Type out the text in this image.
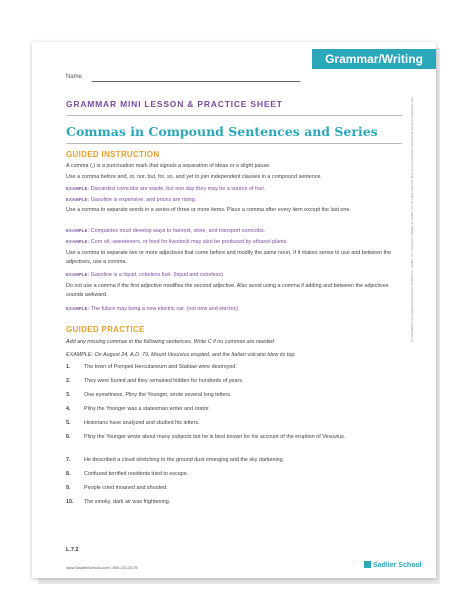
Grammar/Writing
Name
GRAMMAR MINI LESSON & PRACTICE SHEET
Commas in Compound Sentences and Series
GUIDED INSTRUCTION
A comma (,) is a punctuation mark that signals a separation of ideas or a slight pause.
Use a comma before and, or, nor, but, for, so, and yet to join independent clauses in a compound sentence.
EXAMPLE: Discarded corncobs are waste, but one day they may be a source of fuel.
EXAMPLE: Gasoline is expensive, and prices are rising.
Use a comma to separate words in a series of three or more items. Place a comma after every item except the last one.
EXAMPLE: Companies must develop ways to harvest, store, and transport corncobs.
EXAMPLE: Corn oil, sweeteners, or feed for livestock may also be produced by ethanol plants
Use a comma to separate two or more adjectives that come before and modify the same noun. If it makes sense to use and between the adjectives, use a comma.
EXAMPLE: Gasoline is a liquid, colorless fuel. (liquid and colorless)
Do not use a comma if the first adjective modifies the second adjective. Also avoid using a comma if adding and between the adjectives sounds awkward.
EXAMPLE: The future may bring a new electric car. (not new and electric)
GUIDED PRACTICE
Add any missing commas in the following sentences. Write C if no commas are needed
EXAMPLE: On August 24, A.D. 79, Mount Vesuvius erupted, and the Italian volcano blew its top.
1.	The town of Pompeii Herculaneum and Stabiae were destroyed.
2.	They were buried and they remained hidden for hundreds of years.
3.	One eyewitness, Pliny the Younger, wrote several long letters.
4.	Pliny the Younger was a statesman writer and orator.
5.	Historians have analyzed and studied his letters.
6.	Pliny the Younger wrote about many subjects but he is best known for his account of the eruption of Vesuvius.
7.	He described a cloud stretching to the ground dust emerging and the sky darkening.
8.	Confused terrified residents tried to escape.
9.	People cried moaned and shouted.
10. The smoky, dark air was frightening.
L.7.2
www.SadlierSchool.com • 800-221-5175	Sadlier School
® and Sadlier® are registered trademarks of William H. Sadlier, Inc. Copyright © William H. Sadlier, Inc. All rights reserved. May be reproduced for educational use (not commercial use).
